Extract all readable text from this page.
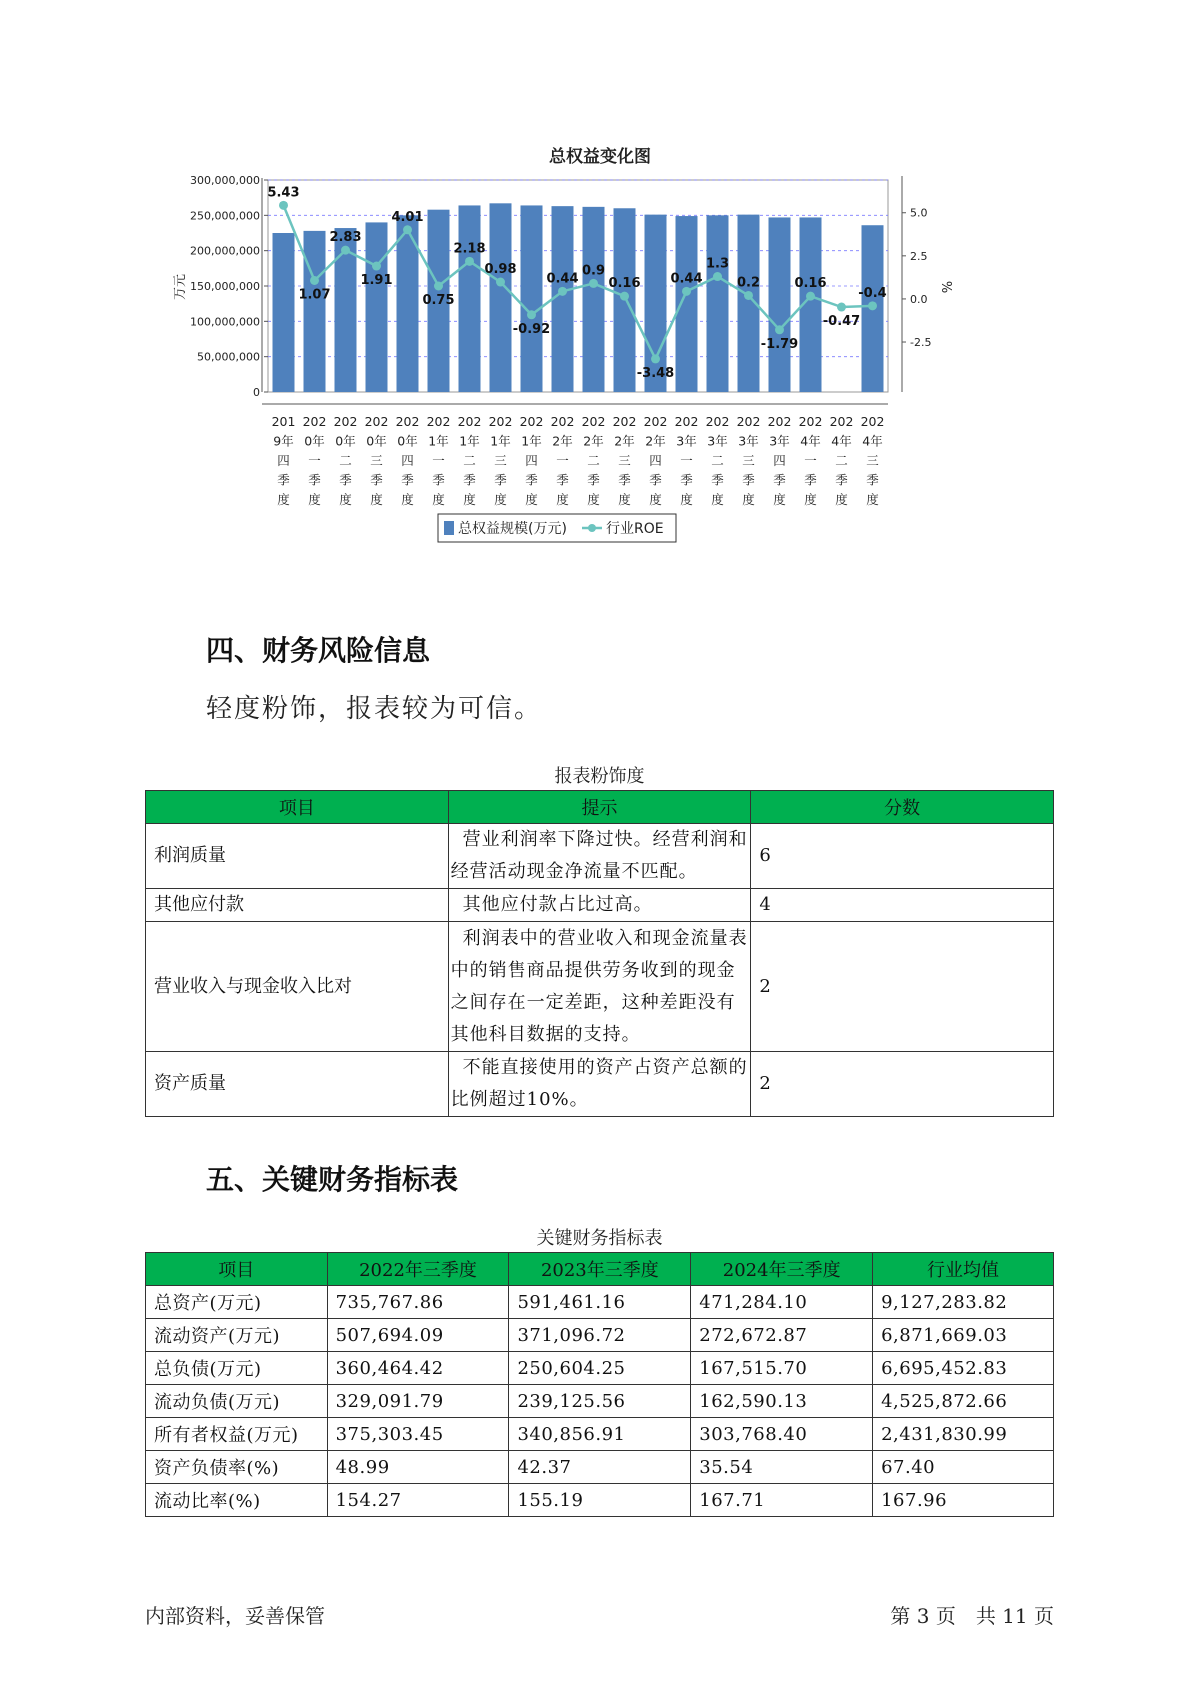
总权益变化图
5.43
1.07
2.83
1.91
4.01
0.75
2.18
0.98
-0.92
0.44
0.9
0.16
-3.48
0.44
1.3
0.2
-1.79
0.16
-0.47
-0.4
300,000,000
250,000,000
200,000,000
150,000,000
100,000,000
50,000,000
0
5.0
2.5
0.0
-2.5
201
9年
四
季
度
202
0年
一
季
度
202
0年
二
季
度
202
0年
三
季
度
202
0年
四
季
度
202
1年
一
季
度
202
1年
二
季
度
202
1年
三
季
度
202
1年
四
季
度
202
2年
一
季
度
202
2年
二
季
度
202
2年
三
季
度
202
2年
四
季
度
202
3年
一
季
度
202
3年
二
季
度
202
3年
三
季
度
202
3年
四
季
度
202
4年
一
季
度
202
4年
二
季
度
202
4年
三
季
度
万元	%
总权益规模(万元)	行业ROE
四、财务风险信息

轻度粉饰，报表较为可信。

报表粉饰度
项目	提示	分数
利润质量	营业利润率下降过快。经营利润和经营活动现金净流量不匹配。	6
其他应付款	其他应付款占比过高。	4
营业收入与现金收入比对	利润表中的营业收入和现金流量表中的销售商品提供劳务收到的现金之间存在一定差距，这种差距没有其他科目数据的支持。	2
资产质量	不能直接使用的资产占资产总额的比例超过10%。	2
五、关键财务指标表
关键财务指标表
项目	2022年三季度	2023年三季度	2024年三季度	行业均值
总资产(万元)	735,767.86	591,461.16	471,284.10	9,127,283.82
流动资产(万元)	507,694.09	371,096.72	272,672.87	6,871,669.03
总负债(万元)	360,464.42	250,604.25	167,515.70	6,695,452.83
流动负债(万元)	329,091.79	239,125.56	162,590.13	4,525,872.66
所有者权益(万元)	375,303.45	340,856.91	303,768.40	2,431,830.99
资产负债率(%)	48.99	42.37	35.54	67.40
流动比率(%)	154.27	155.19	167.71	167.96
内部资料，妥善保管	第 3 页　共 11 页
